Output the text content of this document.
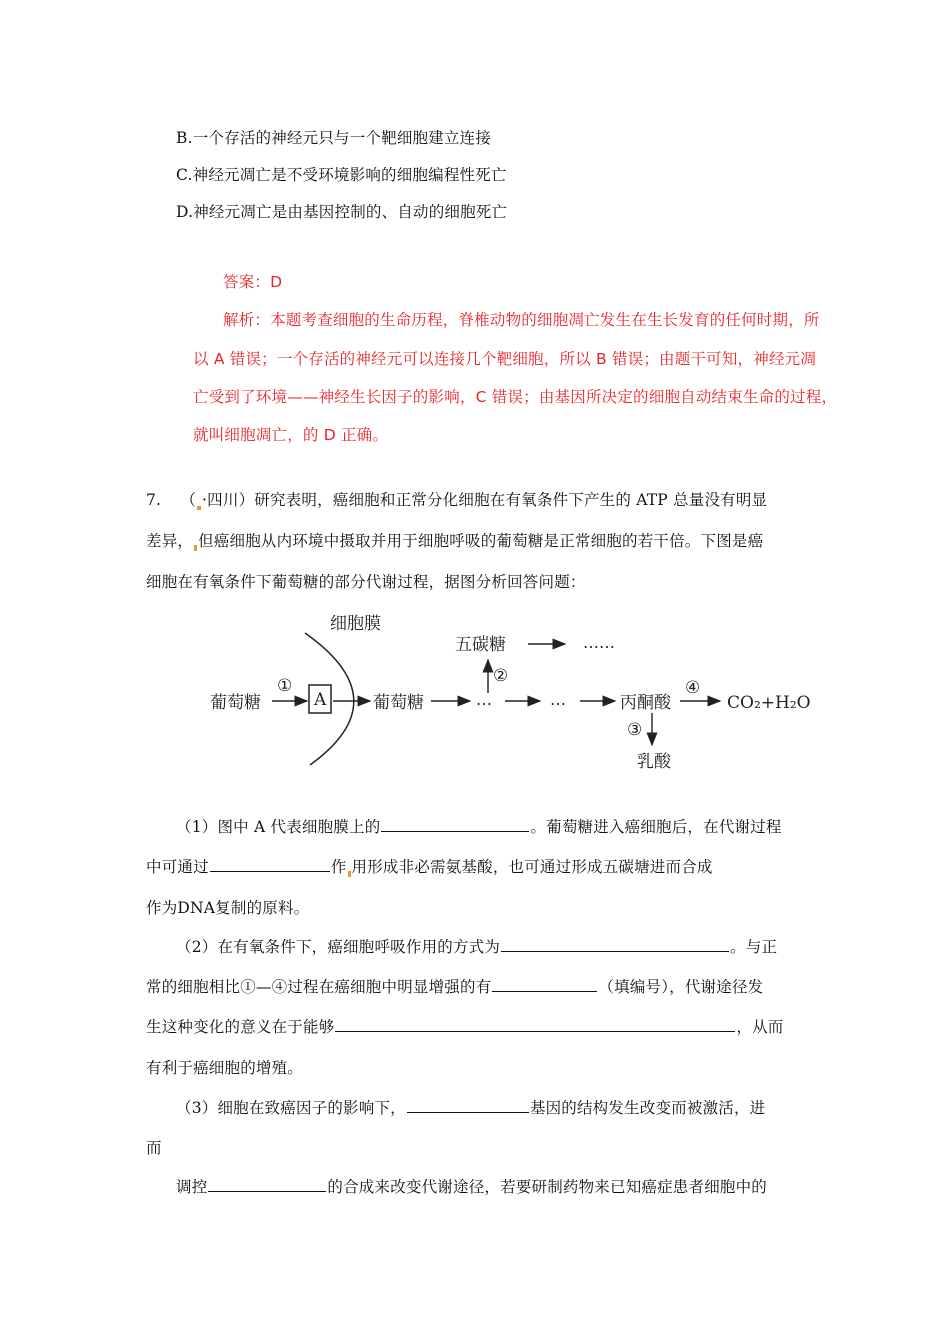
B.一个存活的神经元只与一个靶细胞建立连接
C.神经元凋亡是不受环境影响的细胞编程性死亡
D.神经元凋亡是由基因控制的、自动的细胞死亡
答案：D
解析：本题考查细胞的生命历程，脊椎动物的细胞凋亡发生在生长发育的任何时期，所
以 A 错误；一个存活的神经元可以连接几个靶细胞，所以 B 错误；由题干可知，神经元凋
亡受到了环境——神经生长因子的影响，C 错误；由基因所决定的细胞自动结束生命的过程，
就叫细胞凋亡，的 D 正确。
7. （ ·四川）研究表明，癌细胞和正常分化细胞在有氧条件下产生的 ATP 总量没有明显
差异， 但癌细胞从内环境中摄取并用于细胞呼吸的葡萄糖是正常细胞的若干倍。下图是癌
细胞在有氧条件下葡萄糖的部分代谢过程，据图分析回答问题：
细胞膜
葡萄糖
①
A	葡萄糖	…
②
五碳糖	……
…	丙酮酸
④
CO₂+H₂O
③
乳酸
（1）图中 A 代表细胞膜上的	。葡萄糖进入癌细胞后，在代谢过程
中可通过	作 用形成非必需氨基酸，也可通过形成五碳塘进而合成
作为DNA复制的原料。
（2）在有氧条件下，癌细胞呼吸作用的方式为	。与正
常的细胞相比①—④过程在癌细胞中明显增强的有	（填编号），代谢途径发
生这种变化的意义在于能够	，从而
有利于癌细胞的增殖。
（3）细胞在致癌因子的影响下，	基因的结构发生改变而被激活，进
而
调控	的合成来改变代谢途径，若要研制药物来已知癌症患者细胞中的
